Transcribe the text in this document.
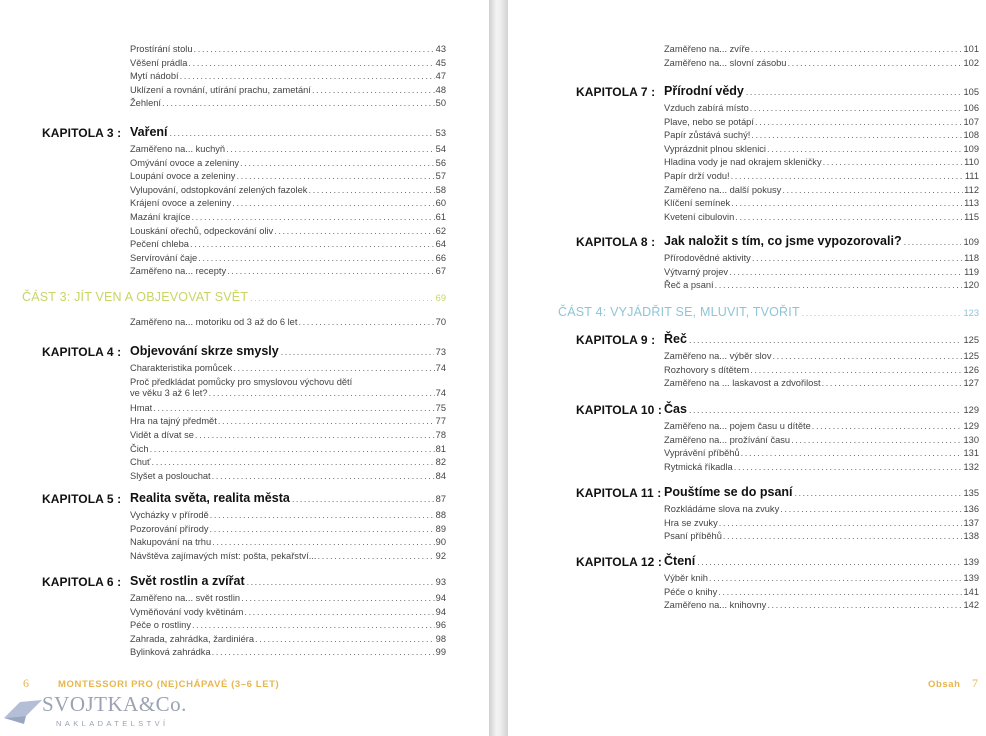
Prostírání stolu . . .	43
Věšení prádla . . .	45
Mytí nádobí . . .	47
Uklízení a rovnání, utírání prachu, zametání . . .	48
Žehlení . . .	50
KAPITOLA 3 : Vaření . . .	53
Zaměřeno na... kuchyň . . .	54
Omývání ovoce a zeleniny . . .	56
Loupání ovoce a zeleniny . . .	57
Vylupování, odstopkování zelených fazolek . . .	58
Krájení ovoce a zeleniny . . .	60
Mazání krajíce . . .	61
Louskání ořechů, odpeckování oliv . . .	62
Pečení chleba . . .	64
Servírování čaje . . .	66
Zaměřeno na... recepty . . .	67
ČÁST 3: JÍT VEN A OBJEVOVAT SVĚT . . .	69
Zaměřeno na... motoriku od 3 až do 6 let . . .	70
KAPITOLA 4 : Objevování skrze smysly . . .	73
Charakteristika pomůcek . . .	74
Proč předkládat pomůcky pro smyslovou výchovu dětí
ve věku 3 až 6 let? . . .	74
Hmat . . .	75
Hra na tajný předmět . . .	77
Vidět a dívat se . . .	78
Čich . . .	81
Chuť . . .	82
Slyšet a poslouchat . . .	84
KAPITOLA 5 : Realita světa, realita města . . .	87
Vycházky v přírodě . . .	88
Pozorování přírody . . .	89
Nakupování na trhu . . .	90
Návštěva zajímavých míst: pošta, pekařství... . . .	92
KAPITOLA 6 : Svět rostlin a zvířat . . .	93
Zaměřeno na... svět rostlin . . .	94
Vyměňování vody květinám . . .	94
Péče o rostliny . . .	96
Zahrada, zahrádka, žardiniéra . . .	98
Bylinková zahrádka . . .	99
6	MONTESSORI PRO (NE)CHÁPAVÉ (3–6 LET)
SVOJTKA&Co.
NAKLADATELSTVÍ
Zaměřeno na... zvíře . . .	101
Zaměřeno na... slovní zásobu . . .	102
KAPITOLA 7 : Přírodní vědy . . .	105
Vzduch zabírá místo . . .	106
Plave, nebo se potápí . . .	107
Papír zůstává suchý! . . .	108
Vyprázdnit plnou sklenici . . .	109
Hladina vody je nad okrajem skleničky . . .	110
Papír drží vodu! . . .	111
Zaměřeno na... další pokusy . . .	112
Klíčení semínek . . .	113
Kvetení cibulovin . . .	115
KAPITOLA 8 : Jak naložit s tím, co jsme vypozorovali? . . .	109
Přírodovědné aktivity . . .	118
Výtvarný projev . . .	119
Řeč a psaní . . .	120
ČÁST 4: VYJÁDŘIT SE, MLUVIT, TVOŘIT . . .	123
KAPITOLA 9 : Řeč . . .	125
Zaměřeno na... výběr slov . . .	125
Rozhovory s dítětem . . .	126
Zaměřeno na ... laskavost a zdvořilost . . .	127
KAPITOLA 10 : Čas . . .	129
Zaměřeno na... pojem času u dítěte . . .	129
Zaměřeno na... prožívání času . . .	130
Vyprávění příběhů . . .	131
Rytmická říkadla . . .	132
KAPITOLA 11 : Pouštíme se do psaní . . .	135
Rozkládáme slova na zvuky . . .	136
Hra se zvuky . . .	137
Psaní příběhů . . .	138
KAPITOLA 12 : Čtení . . .	139
Výběr knih . . .	139
Péče o knihy . . .	141
Zaměřeno na... knihovny . . .	142
Obsah 7
